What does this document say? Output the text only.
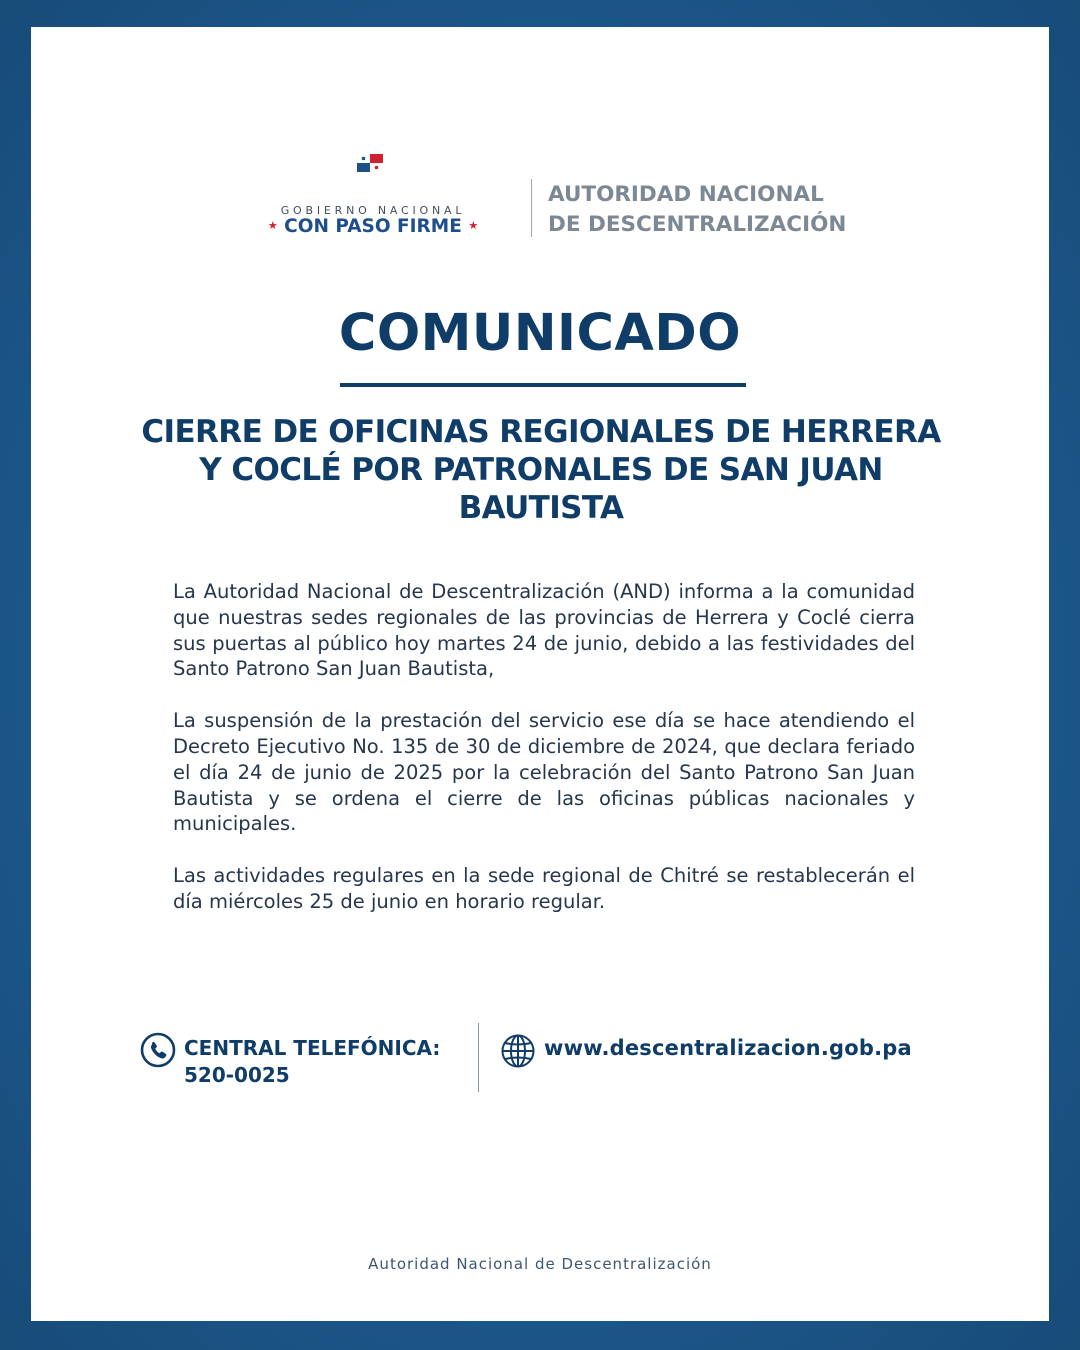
GOBIERNO NACIONAL
★ CON PASO FIRME ★
AUTORIDAD NACIONAL
DE DESCENTRALIZACIÓN
COMUNICADO
CIERRE DE OFICINAS REGIONALES DE HERRERA Y COCLÉ POR PATRONALES DE SAN JUAN BAUTISTA

La Autoridad Nacional de Descentralización (AND) informa a la comunidad que nuestras sedes regionales de las provincias de Herrera y Coclé cierra sus puertas al público hoy martes 24 de junio, debido a las festividades del Santo Patrono San Juan Bautista,

La suspensión de la prestación del servicio ese día se hace atendiendo el Decreto Ejecutivo No. 135 de 30 de diciembre de 2024, que declara feriado el día 24 de junio de 2025 por la celebración del Santo Patrono San Juan Bautista y se ordena el cierre de las oficinas públicas nacionales y municipales.

Las actividades regulares en la sede regional de Chitré se restablecerán el día miércoles 25 de junio en horario regular.

CENTRAL TELEFÓNICA:
520-0025
www.descentralizacion.gob.pa
Autoridad Nacional de Descentralización
